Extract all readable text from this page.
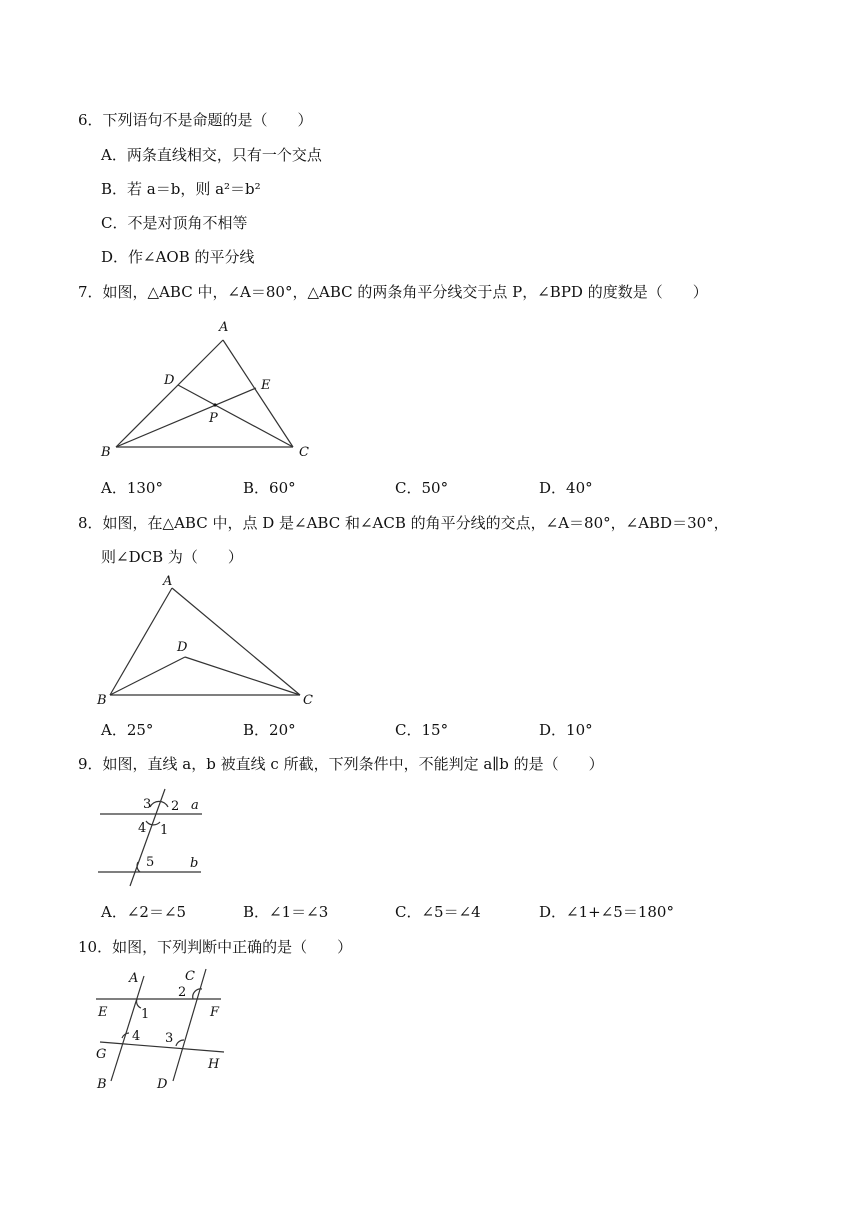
6．下列语句不是命题的是（　　）
A．两条直线相交，只有一个交点
B．若 a＝b，则 a²＝b²
C．不是对顶角不相等
D．作∠AOB 的平分线
7．如图，△ABC 中，∠A＝80°，△ABC 的两条角平分线交于点 P，∠BPD 的度数是（　　）
A
B	C
D	E
P
A
B	C
D
3 2
4 1
a
5	b
A	C
2
E	1	F
G
4 3
H
B	D
A．130°	B．60°	C．50°	D．40°
8．如图，在△ABC 中，点 D 是∠ABC 和∠ACB 的角平分线的交点，∠A＝80°，∠ABD＝30°，
则∠DCB 为（　　）
A．25°	B．20°	C．15°	D．10°
9．如图，直线 a，b 被直线 c 所截，下列条件中，不能判定 a∥b 的是（　　）
A．∠2＝∠5	B．∠1＝∠3	C．∠5＝∠4	D．∠1+∠5＝180°
10．如图，下列判断中正确的是（　　）
